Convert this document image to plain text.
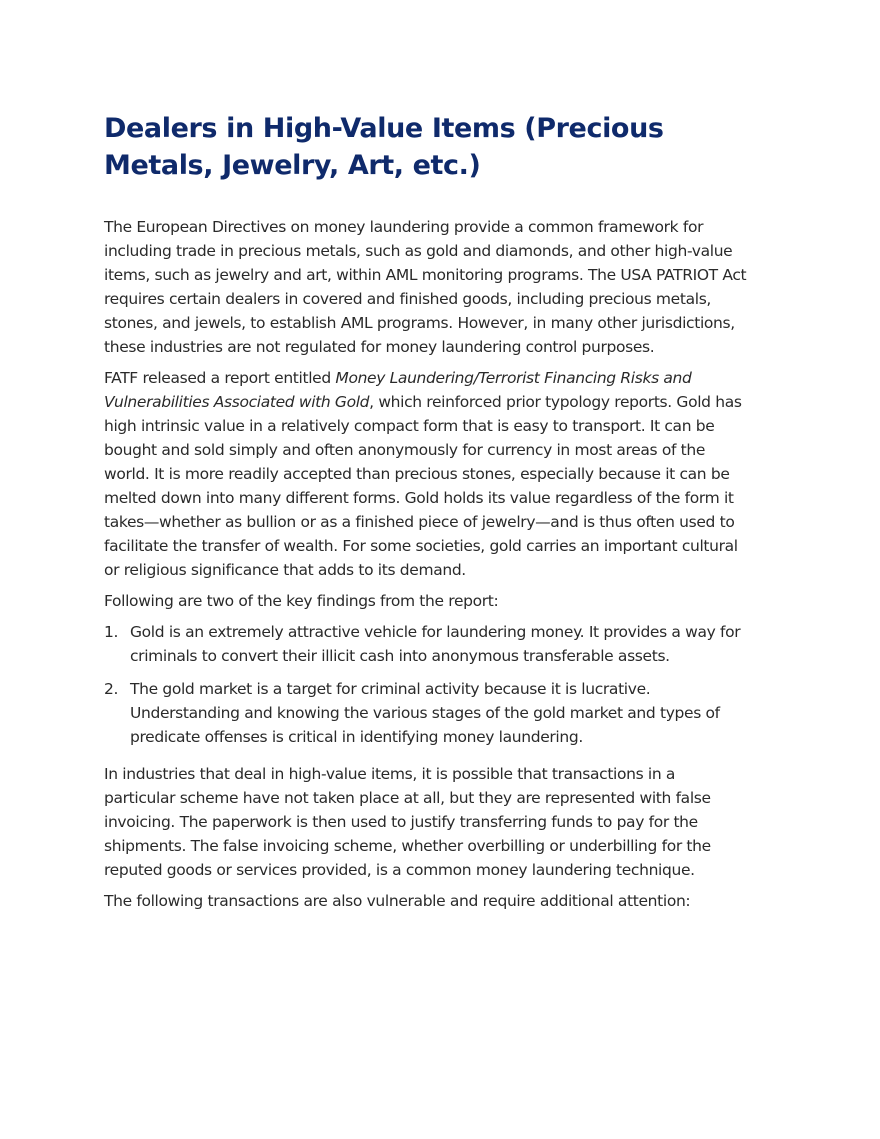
Dealers in High-Value Items (Precious
Metals, Jewelry, Art, etc.)

The European Directives on money laundering provide a common framework for including trade in precious metals, such as gold and diamonds, and other high-value items, such as jewelry and art, within AML monitoring programs. The USA PATRIOT Act requires certain dealers in covered and finished goods, including precious metals, stones, and jewels, to establish AML programs. However, in many other jurisdictions, these industries are not regulated for money laundering control purposes.

FATF released a report entitled Money Laundering/Terrorist Financing Risks and Vulnerabilities Associated with Gold, which reinforced prior typology reports. Gold has high intrinsic value in a relatively compact form that is easy to transport. It can be bought and sold simply and often anonymously for currency in most areas of the world. It is more readily accepted than precious stones, especially because it can be melted down into many different forms. Gold holds its value regardless of the form it takes—whether as bullion or as a finished piece of jewelry—and is thus often used to facilitate the transfer of wealth. For some societies, gold carries an important cultural or religious significance that adds to its demand.

Following are two of the key findings from the report:

1. Gold is an extremely attractive vehicle for laundering money. It provides a way for criminals to convert their illicit cash into anonymous transferable assets.
2. The gold market is a target for criminal activity because it is lucrative. Understanding and knowing the various stages of the gold market and types of predicate offenses is critical in identifying money laundering.

In industries that deal in high-value items, it is possible that transactions in a particular scheme have not taken place at all, but they are represented with false invoicing. The paperwork is then used to justify transferring funds to pay for the shipments. The false invoicing scheme, whether overbilling or underbilling for the reputed goods or services provided, is a common money laundering technique.

The following transactions are also vulnerable and require additional attention:
